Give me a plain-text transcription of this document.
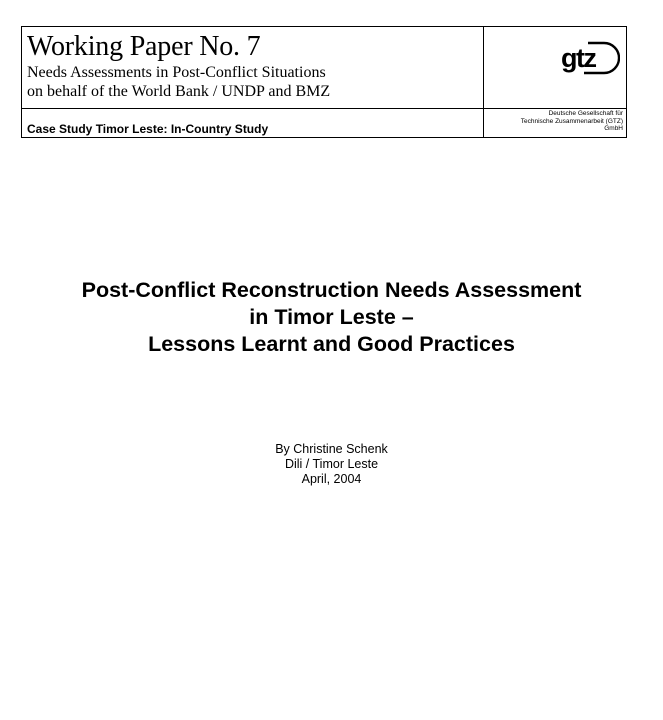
Working Paper No. 7
Needs Assessments in Post-Conflict Situations
on behalf of the World Bank / UNDP and BMZ
Case Study Timor Leste: In-Country Study
gtz
Deutsche Gesellschaft für
Technische Zusammenarbeit (GTZ)
GmbH
Post-Conflict Reconstruction Needs Assessment
in Timor Leste –
Lessons Learnt and Good Practices
By Christine Schenk
Dili / Timor Leste
April, 2004
